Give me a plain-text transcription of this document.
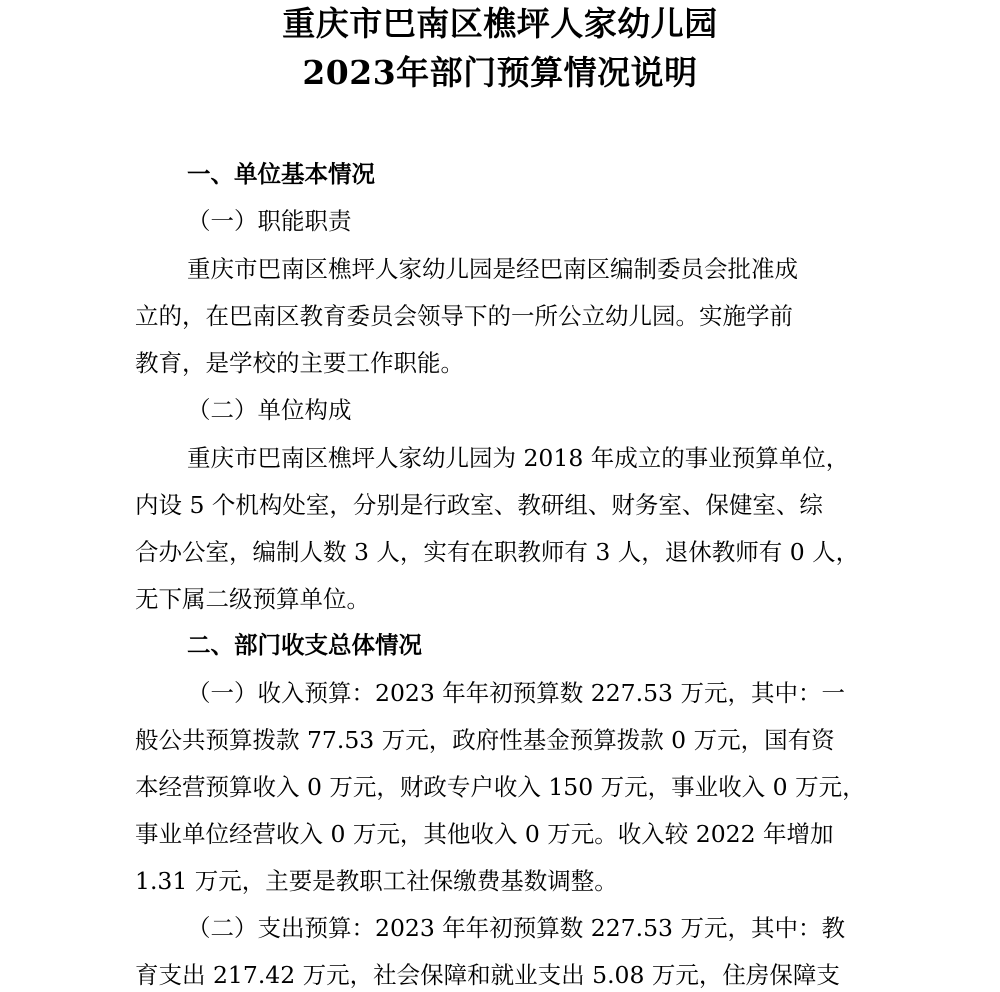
重庆市巴南区樵坪人家幼儿园
2023年部门预算情况说明
一、单位基本情况
（一）职能职责
重庆市巴南区樵坪人家幼儿园是经巴南区编制委员会批准成
立的，在巴南区教育委员会领导下的一所公立幼儿园。实施学前
教育，是学校的主要工作职能。
（二）单位构成
重庆市巴南区樵坪人家幼儿园为 2018 年成立的事业预算单位，
内设 5 个机构处室，分别是行政室、教研组、财务室、保健室、综
合办公室，编制人数 3 人，实有在职教师有 3 人，退休教师有 0 人，
无下属二级预算单位。
二、部门收支总体情况
（一）收入预算：2023 年年初预算数 227.53 万元，其中：一
般公共预算拨款 77.53 万元，政府性基金预算拨款 0 万元，国有资
本经营预算收入 0 万元，财政专户收入 150 万元，事业收入 0 万元，
事业单位经营收入 0 万元，其他收入 0 万元。收入较 2022 年增加
1.31 万元，主要是教职工社保缴费基数调整。
（二）支出预算：2023 年年初预算数 227.53 万元，其中：教
育支出 217.42 万元，社会保障和就业支出 5.08 万元，住房保障支
